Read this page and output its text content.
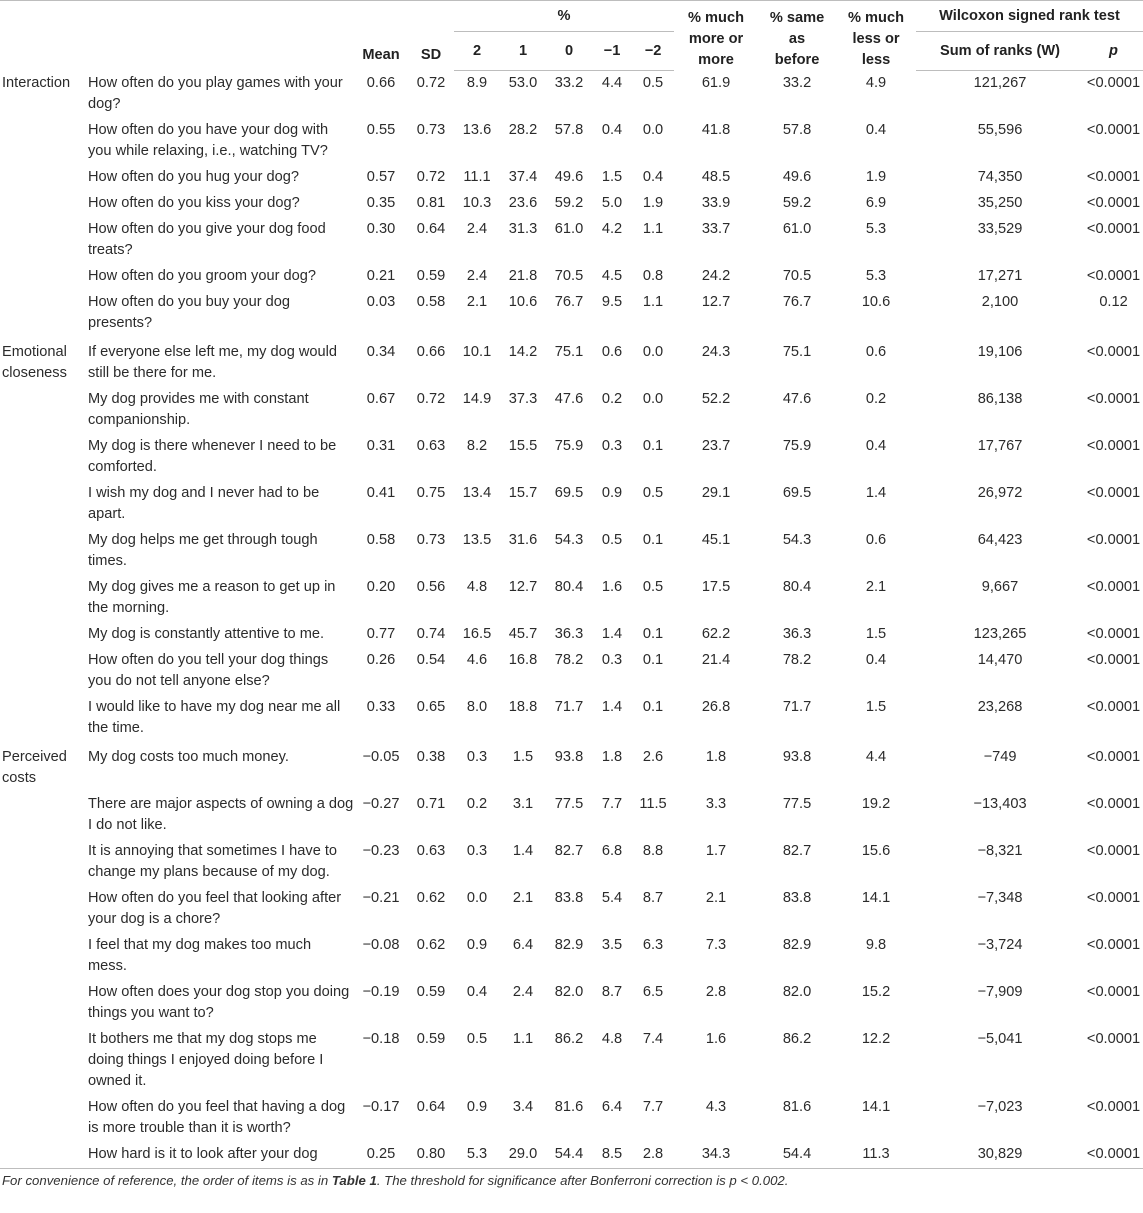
		Mean	SD	%					% much more or more	% same as before	% much less or less	Wilcoxon signed rank test	
				2	1	0	−1	−2				Sum of ranks (W)	p
Interaction	How often do you play games with your dog?	0.66	0.72	8.9	53.0	33.2	4.4	0.5	61.9	33.2	4.9	121,267	<0.0001
	How often do you have your dog with you while relaxing, i.e., watching TV?	0.55	0.73	13.6	28.2	57.8	0.4	0.0	41.8	57.8	0.4	55,596	<0.0001
	How often do you hug your dog?	0.57	0.72	11.1	37.4	49.6	1.5	0.4	48.5	49.6	1.9	74,350	<0.0001
	How often do you kiss your dog?	0.35	0.81	10.3	23.6	59.2	5.0	1.9	33.9	59.2	6.9	35,250	<0.0001
	How often do you give your dog food treats?	0.30	0.64	2.4	31.3	61.0	4.2	1.1	33.7	61.0	5.3	33,529	<0.0001
	How often do you groom your dog?	0.21	0.59	2.4	21.8	70.5	4.5	0.8	24.2	70.5	5.3	17,271	<0.0001
	How often do you buy your dog presents?	0.03	0.58	2.1	10.6	76.7	9.5	1.1	12.7	76.7	10.6	2,100	0.12
Emotional closeness	If everyone else left me, my dog would still be there for me.	0.34	0.66	10.1	14.2	75.1	0.6	0.0	24.3	75.1	0.6	19,106	<0.0001
	My dog provides me with constant companionship.	0.67	0.72	14.9	37.3	47.6	0.2	0.0	52.2	47.6	0.2	86,138	<0.0001
	My dog is there whenever I need to be comforted.	0.31	0.63	8.2	15.5	75.9	0.3	0.1	23.7	75.9	0.4	17,767	<0.0001
	I wish my dog and I never had to be apart.	0.41	0.75	13.4	15.7	69.5	0.9	0.5	29.1	69.5	1.4	26,972	<0.0001
	My dog helps me get through tough times.	0.58	0.73	13.5	31.6	54.3	0.5	0.1	45.1	54.3	0.6	64,423	<0.0001
	My dog gives me a reason to get up in the morning.	0.20	0.56	4.8	12.7	80.4	1.6	0.5	17.5	80.4	2.1	9,667	<0.0001
	My dog is constantly attentive to me.	0.77	0.74	16.5	45.7	36.3	1.4	0.1	62.2	36.3	1.5	123,265	<0.0001
	How often do you tell your dog things you do not tell anyone else?	0.26	0.54	4.6	16.8	78.2	0.3	0.1	21.4	78.2	0.4	14,470	<0.0001
	I would like to have my dog near me all the time.	0.33	0.65	8.0	18.8	71.7	1.4	0.1	26.8	71.7	1.5	23,268	<0.0001
Perceived costs	My dog costs too much money.	−0.05	0.38	0.3	1.5	93.8	1.8	2.6	1.8	93.8	4.4	−749	<0.0001
	There are major aspects of owning a dog I do not like.	−0.27	0.71	0.2	3.1	77.5	7.7	11.5	3.3	77.5	19.2	−13,403	<0.0001
	It is annoying that sometimes I have to change my plans because of my dog.	−0.23	0.63	0.3	1.4	82.7	6.8	8.8	1.7	82.7	15.6	−8,321	<0.0001
	How often do you feel that looking after your dog is a chore?	−0.21	0.62	0.0	2.1	83.8	5.4	8.7	2.1	83.8	14.1	−7,348	<0.0001
	I feel that my dog makes too much mess.	−0.08	0.62	0.9	6.4	82.9	3.5	6.3	7.3	82.9	9.8	−3,724	<0.0001
	How often does your dog stop you doing things you want to?	−0.19	0.59	0.4	2.4	82.0	8.7	6.5	2.8	82.0	15.2	−7,909	<0.0001
	It bothers me that my dog stops me doing things I enjoyed doing before I owned it.	−0.18	0.59	0.5	1.1	86.2	4.8	7.4	1.6	86.2	12.2	−5,041	<0.0001
	How often do you feel that having a dog is more trouble than it is worth?	−0.17	0.64	0.9	3.4	81.6	6.4	7.7	4.3	81.6	14.1	−7,023	<0.0001
	How hard is it to look after your dog	0.25	0.80	5.3	29.0	54.4	8.5	2.8	34.3	54.4	11.3	30,829	<0.0001
For convenience of reference, the order of items is as in Table 1. The threshold for significance after Bonferroni correction is p < 0.002.
